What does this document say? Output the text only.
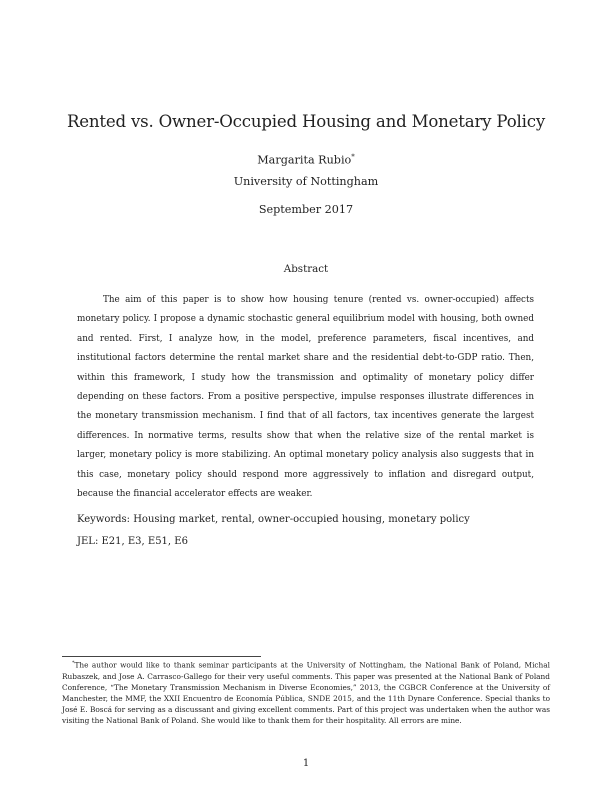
Rented vs. Owner-Occupied Housing and Monetary Policy
Margarita Rubio*
University of Nottingham
September 2017
Abstract

The aim of this paper is to show how housing tenure (rented vs. owner-occupied) affects monetary policy. I propose a dynamic stochastic general equilibrium model with housing, both owned and rented. First, I analyze how, in the model, preference parameters, fiscal incentives, and institutional factors determine the rental market share and the residential debt-to-GDP ratio. Then, within this framework, I study how the transmission and optimality of monetary policy differ depending on these factors. From a positive perspective, impulse responses illustrate differences in the monetary transmission mechanism. I find that of all factors, tax incentives generate the largest differences. In normative terms, results show that when the relative size of the rental market is larger, monetary policy is more stabilizing. An optimal monetary policy analysis also suggests that in this case, monetary policy should respond more aggressively to inflation and disregard output, because the financial accelerator effects are weaker.

Keywords: Housing market, rental, owner-occupied housing, monetary policy
JEL: E21, E3, E51, E6

*The author would like to thank seminar participants at the University of Nottingham, the National Bank of Poland, Michal Rubaszek, and Jose A. Carrasco-Gallego for their very useful comments. This paper was presented at the National Bank of Poland Conference, “The Monetary Transmission Mechanism in Diverse Economies,” 2013, the CGBCR Conference at the University of Manchester, the MMF, the XXII Encuentro de Economía Pública, SNDE 2015, and the 11th Dynare Conference. Special thanks to José E. Boscá for serving as a discussant and giving excellent comments. Part of this project was undertaken when the author was visiting the National Bank of Poland. She would like to thank them for their hospitality. All errors are mine.

1
